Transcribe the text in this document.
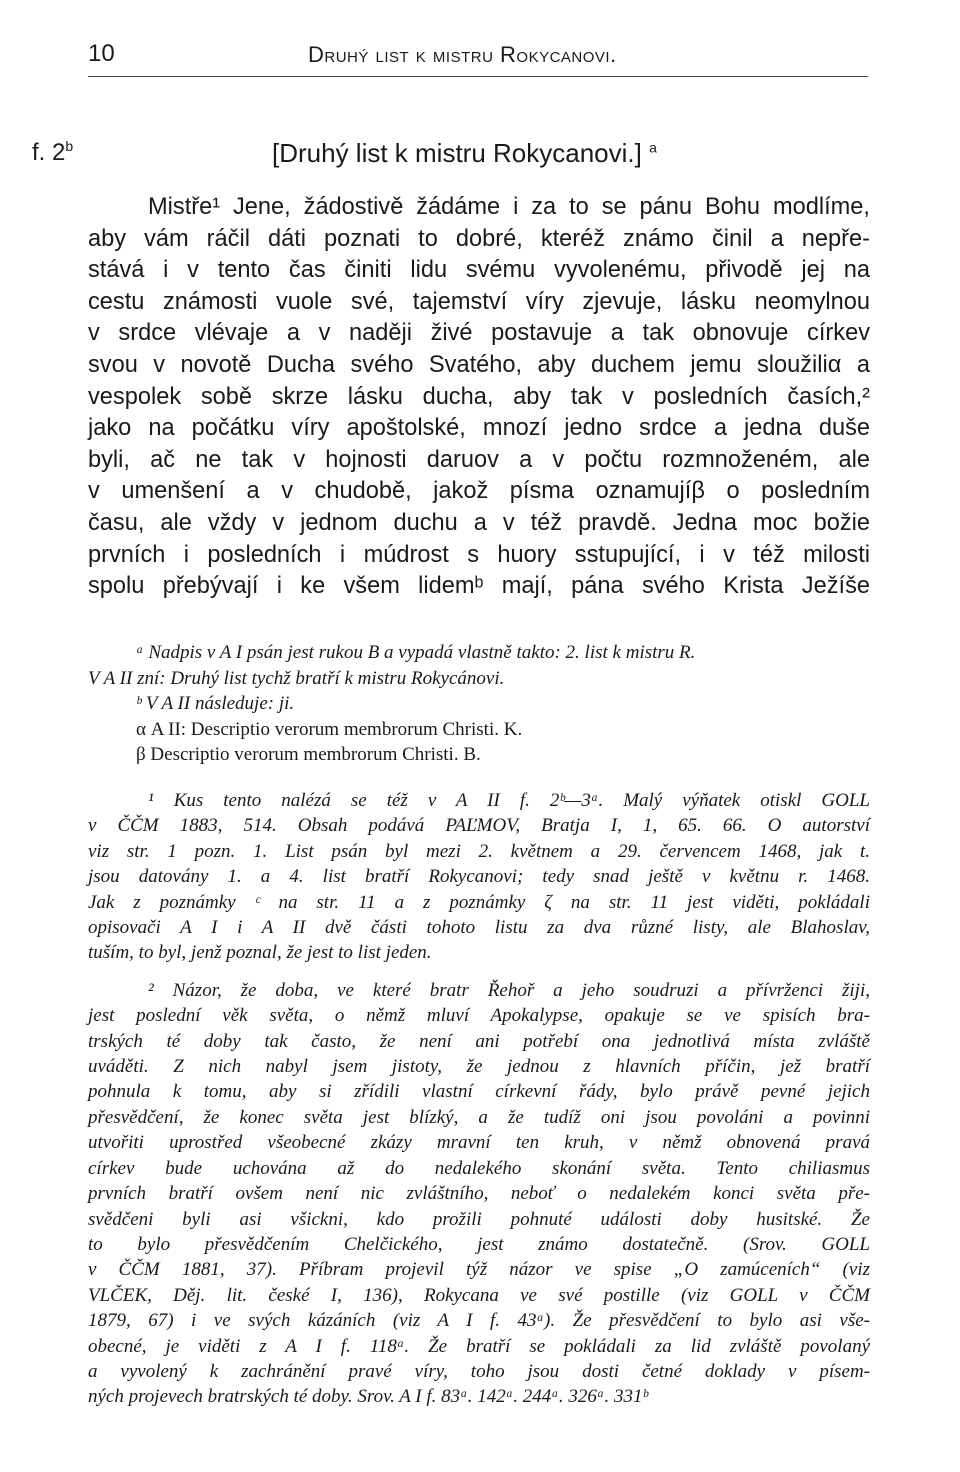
10	Druhý list k mistru Rokycanovi.
f. 2$^b$	[Druhý list k mistru Rokycanovi.] $^a$
Mistře¹ Jene, žádostivě žádáme i za to se pánu Bohu modlíme,
aby vám ráčil dáti poznati to dobré, kteréž známo činil a nepře-
stává i v tento čas činiti lidu svému vyvolenému, přivodě jej na
cestu známosti vuole své, tajemství víry zjevuje, lásku neomylnou
v srdce vlévaje a v naději živé postavuje a tak obnovuje církev
svou v novotě Ducha svého Svatého, aby duchem jemu sloužiliα a
vespolek sobě skrze lásku ducha, aby tak v posledních časích,²
jako na počátku víry apoštolské, mnozí jedno srdce a jedna duše
byli, ač ne tak v hojnosti daruov a v počtu rozmnoženém, ale
v umenšení a v chudobě, jakož písma oznamujíβ o posledním
času, ale vždy v jednom duchu a v též pravdě. Jedna moc božie
prvních i posledních i múdrost s huory sstupující, i v též milosti
spolu přebývají i ke všem lidemᵇ mají, pána svého Krista Ježíše
ᵃ Nadpis v A I psán jest rukou B a vypadá vlastně takto: 2. list k mistru R.
V A II zní: Druhý list tychž bratří k mistru Rokycánovi.
ᵇ V A II následuje: ji.
α A II: Descriptio verorum membrorum Christi. K.
β Descriptio verorum membrorum Christi. B.
¹ Kus tento nalézá se též v A II f. 2ᵇ—3ᵃ. Malý výňatek otiskl GOLL
v ČČM 1883, 514. Obsah podává PAĽMOV, Bratja I, 1, 65. 66. O autorství
viz str. 1 pozn. 1. List psán byl mezi 2. květnem a 29. červencem 1468, jak t.
jsou datovány 1. a 4. list bratří Rokycanovi; tedy snad ještě v květnu r. 1468.
Jak z poznámky ᶜ na str. 11 a z poznámky ζ na str. 11 jest viděti, pokládali
opisovači A I i A II dvě části tohoto listu za dva různé listy, ale Blahoslav,
tuším, to byl, jenž poznal, že jest to list jeden.
² Názor, že doba, ve které bratr Řehoř a jeho soudruzi a přívrženci žiji,
jest poslední věk světa, o němž mluví Apokalypse, opakuje se ve spisích bra-
trských té doby tak často, že není ani potřebí ona jednotlivá místa zvláště
uváděti. Z nich nabyl jsem jistoty, že jednou z hlavních příčin, jež bratří
pohnula k tomu, aby si zřídili vlastní církevní řády, bylo právě pevné jejich
přesvědčení, že konec světa jest blízký, a že tudíž oni jsou povoláni a povinni
utvořiti uprostřed všeobecné zkázy mravní ten kruh, v němž obnovená pravá
církev bude uchována až do nedalekého skonání světa. Tento chiliasmus
prvních bratří ovšem není nic zvláštního, neboť o nedalekém konci světa pře-
svědčeni byli asi všickni, kdo prožili pohnuté události doby husitské. Že
to bylo přesvědčením Chelčického, jest známo dostatečně. (Srov. GOLL
v ČČM 1881, 37). Příbram projevil týž názor ve spise „O zamúceních“ (viz
VLČEK, Děj. lit. české I, 136), Rokycana ve své postille (viz GOLL v ČČM
1879, 67) i ve svých kázáních (viz A I f. 43ᵃ). Že přesvědčení to bylo asi vše-
obecné, je viděti z A I f. 118ᵃ. Že bratří se pokládali za lid zvláště povolaný
a vyvolený k zachránění pravé víry, toho jsou dosti četné doklady v písem-
ných projevech bratrských té doby. Srov. A I f. 83ᵃ. 142ᵃ. 244ᵃ. 326ᵃ. 331ᵇ
